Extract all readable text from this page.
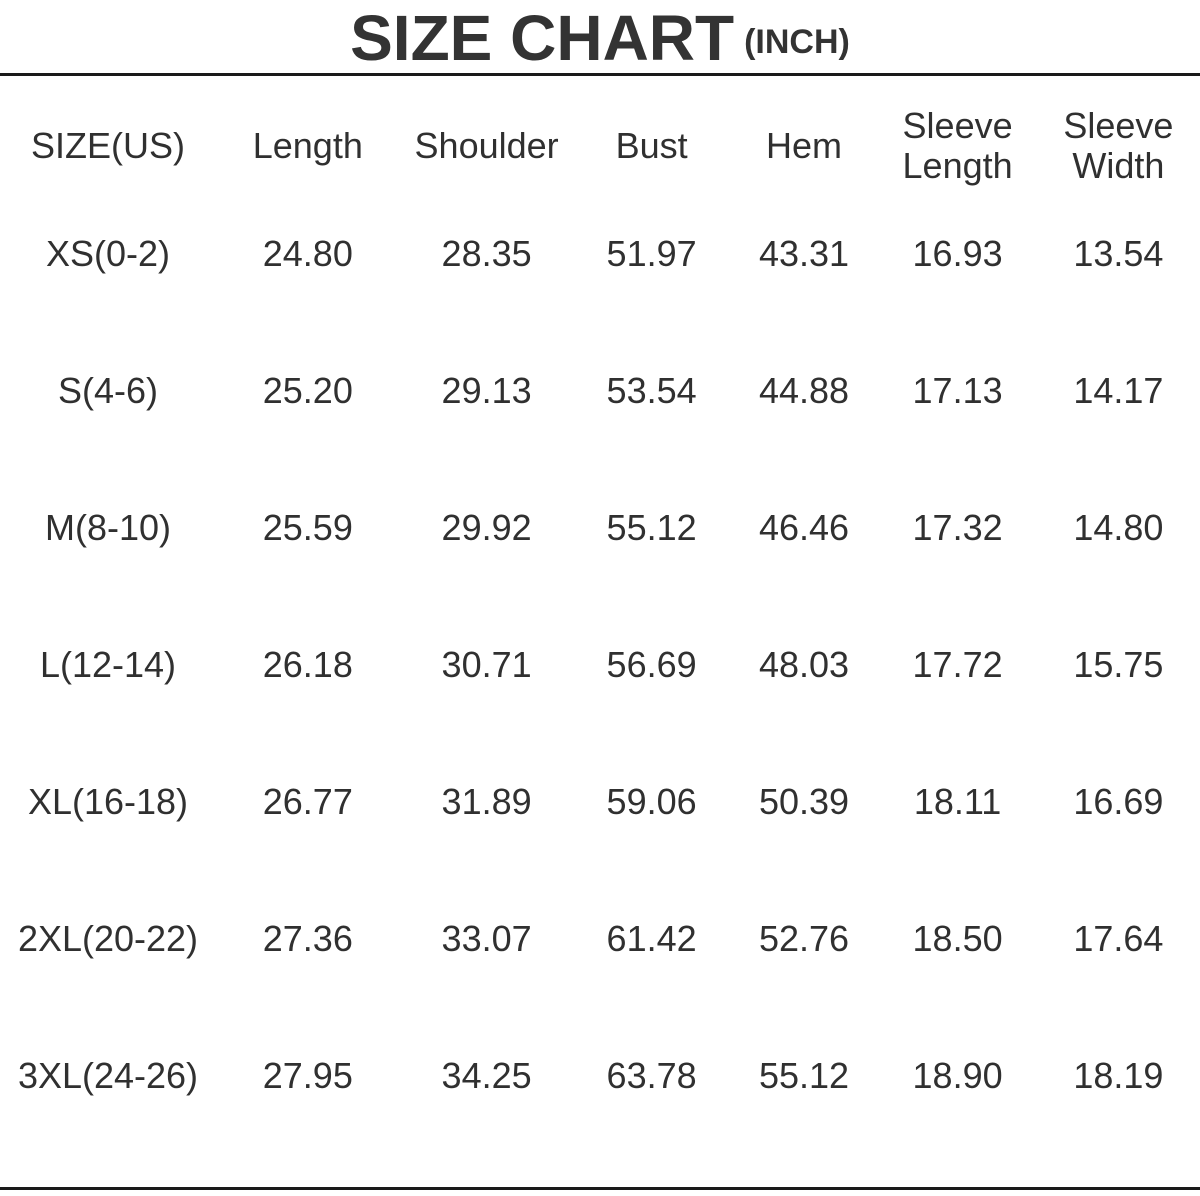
SIZE CHART (INCH)
SIZE(US)	Length	Shoulder	Bust	Hem	Sleeve Length	Sleeve Width
XS(0-2)	24.80	28.35	51.97	43.31	16.93	13.54
S(4-6)	25.20	29.13	53.54	44.88	17.13	14.17
M(8-10)	25.59	29.92	55.12	46.46	17.32	14.80
L(12-14)	26.18	30.71	56.69	48.03	17.72	15.75
XL(16-18)	26.77	31.89	59.06	50.39	18.11	16.69
2XL(20-22)	27.36	33.07	61.42	52.76	18.50	17.64
3XL(24-26)	27.95	34.25	63.78	55.12	18.90	18.19
